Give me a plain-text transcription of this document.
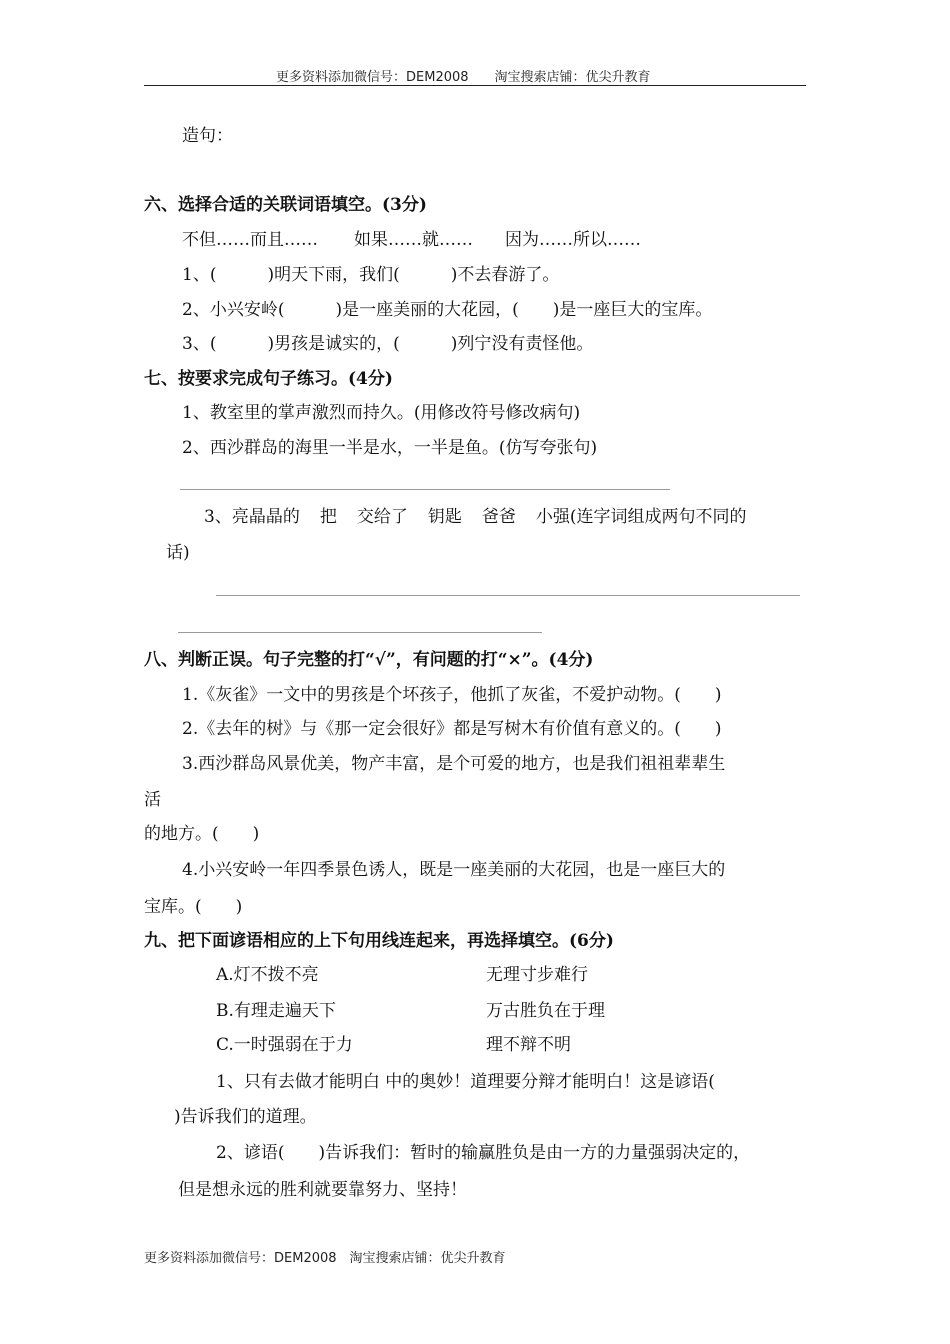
更多资料添加微信号：DEM2008　　淘宝搜索店铺：优尖升教育
造句：
六、选择合适的关联词语填空。(3分)
不但……而且…… 如果……就…… 因为……所以……
1、(　　　)明天下雨，我们(　　　)不去春游了。
2、小兴安岭(　　　)是一座美丽的大花园，(　　)是一座巨大的宝库。
3、(　　　)男孩是诚实的，(　　　)列宁没有责怪他。
七、按要求完成句子练习。(4分)
1、教室里的掌声激烈而持久。(用修改符号修改病句)
2、西沙群岛的海里一半是水，一半是鱼。(仿写夸张句)
3、亮晶晶的 把 交给了 钥匙 爸爸 小强(连字词组成两句不同的
话)
八、判断正误。句子完整的打“√”，有问题的打“×”。(4分)
1.《灰雀》一文中的男孩是个坏孩子，他抓了灰雀，不爱护动物。(　　)
2.《去年的树》与《那一定会很好》都是写树木有价值有意义的。(　　)
3.西沙群岛风景优美，物产丰富，是个可爱的地方，也是我们祖祖辈辈生
活
的地方。(　　)
4.小兴安岭一年四季景色诱人，既是一座美丽的大花园，也是一座巨大的
宝库。(　　)
九、把下面谚语相应的上下句用线连起来，再选择填空。(6分)
A.灯不拨不亮	无理寸步难行
B.有理走遍天下	万古胜负在于理
C.一时强弱在于力	理不辩不明
1、只有去做才能明白 中的奥妙！道理要分辩才能明白！这是谚语(
)告诉我们的道理。
2、谚语(　　)告诉我们：暂时的输赢胜负是由一方的力量强弱决定的，
但是想永远的胜利就要靠努力、坚持！
更多资料添加微信号：DEM2008　淘宝搜索店铺：优尖升教育
